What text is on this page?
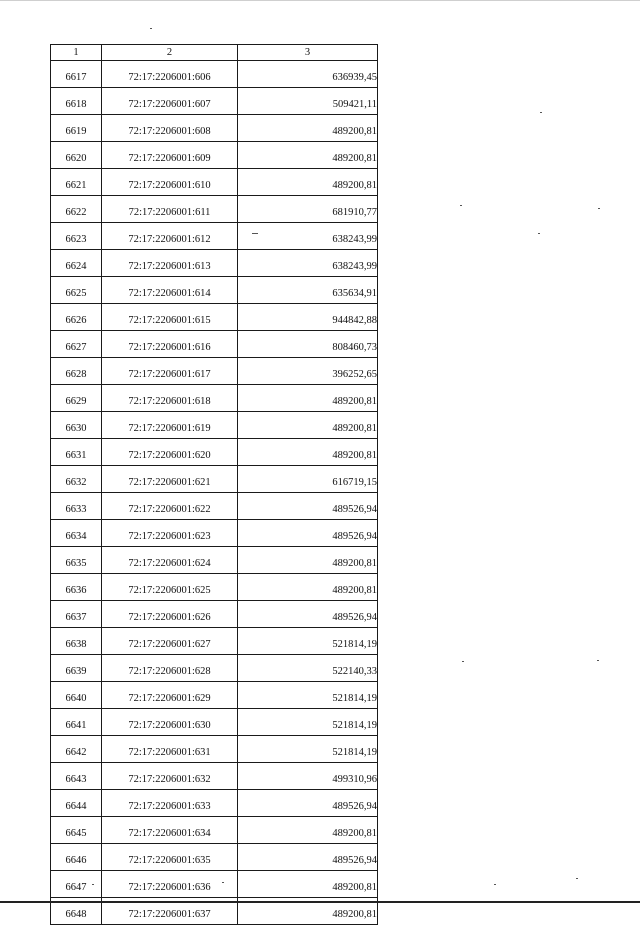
1	2	3
6617	72:17:2206001:606	636939,45
6618	72:17:2206001:607	509421,11
6619	72:17:2206001:608	489200,81
6620	72:17:2206001:609	489200,81
6621	72:17:2206001:610	489200,81
6622	72:17:2206001:611	681910,77
6623	72:17:2206001:612	638243,99
6624	72:17:2206001:613	638243,99
6625	72:17:2206001:614	635634,91
6626	72:17:2206001:615	944842,88
6627	72:17:2206001:616	808460,73
6628	72:17:2206001:617	396252,65
6629	72:17:2206001:618	489200,81
6630	72:17:2206001:619	489200,81
6631	72:17:2206001:620	489200,81
6632	72:17:2206001:621	616719,15
6633	72:17:2206001:622	489526,94
6634	72:17:2206001:623	489526,94
6635	72:17:2206001:624	489200,81
6636	72:17:2206001:625	489200,81
6637	72:17:2206001:626	489526,94
6638	72:17:2206001:627	521814,19
6639	72:17:2206001:628	522140,33
6640	72:17:2206001:629	521814,19
6641	72:17:2206001:630	521814,19
6642	72:17:2206001:631	521814,19
6643	72:17:2206001:632	499310,96
6644	72:17:2206001:633	489526,94
6645	72:17:2206001:634	489200,81
6646	72:17:2206001:635	489526,94
6647	72:17:2206001:636	489200,81
6648	72:17:2206001:637	489200,81
